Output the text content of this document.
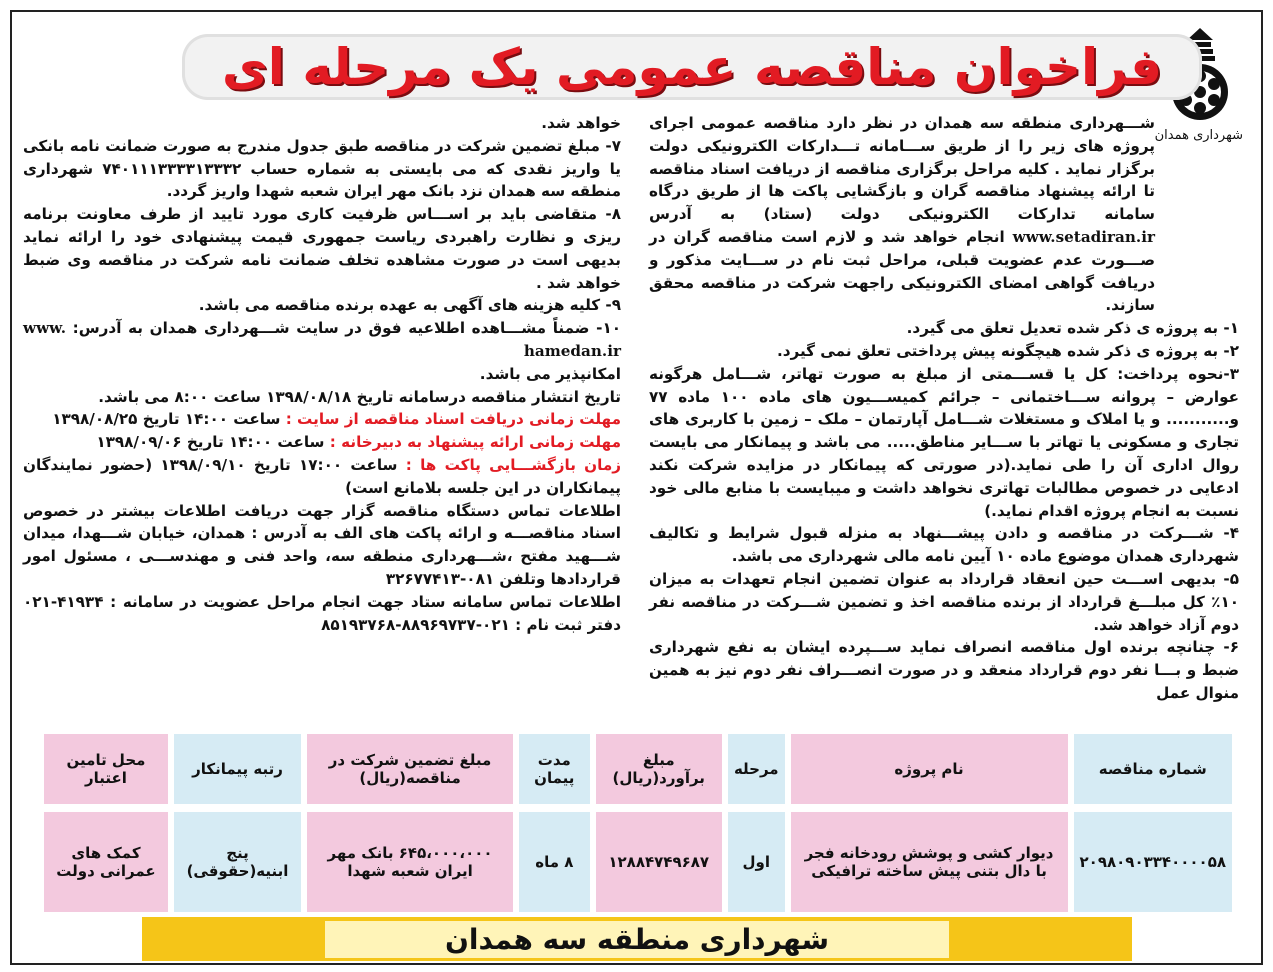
شهرداری همدان
فراخوان مناقصه عمومی یک مرحله ای

شـــهرداری منطقه سه همدان در نظر دارد مناقصه عمومی اجرای پروژه های زیر را از طریق ســـامانه تـــدارکات الکترونیکی دولت برگزار نماید . کلیه مراحل برگزاری مناقصه از دریافت اسناد مناقصه تا ارائه پیشنهاد مناقصه گران و بازگشایی پاکت ها از طریق درگاه سامانه تدارکات الکترونیکی دولت (ستاد) به آدرس www.setadiran.ir انجام خواهد شد و لازم است مناقصه گران در صـــورت عدم عضویت قبلی، مراحل ثبت نام در ســـایت مذکور و دریافت گواهی امضای الکترونیکی راجهت شرکت در مناقصه محقق سازند.

۱- به پروژه ی ذکر شده تعدیل تعلق می گیرد.

۲- به پروژه ی ذکر شده هیچگونه پیش پرداختی تعلق نمی گیرد.

۳-نحوه پرداخت: کل یا قســـمتی از مبلغ به صورت تهاتر، شـــامل هرگونه عوارض – پروانه ســـاختمانی – جرائم کمیســـیون های ماده ۱۰۰ ماده ۷۷ و........... و یا املاک و مستغلات شـــامل آپارتمان – ملک – زمین با کاربری های تجاری و مسکونی یا تهاتر با ســـایر مناطق..... می باشد و پیمانکار می بایست روال اداری آن را طی نماید.(در صورتی که پیمانکار در مزایده شرکت نکند ادعایی در خصوص مطالبات تهاتری نخواهد داشت و میبایست با منابع مالی خود نسبت به انجام پروژه اقدام نماید.)

۴- شـــرکت در مناقصه و دادن پیشـــنهاد به منزله قبول شرایط و تکالیف شهرداری همدان موضوع ماده ۱۰ آیین نامه مالی شهرداری می باشد.

۵- بدیهی اســـت حین انعقاد قرارداد به عنوان تضمین انجام تعهدات به میزان ۱۰٪ کل مبلـــغ قرارداد از برنده مناقصه اخذ و تضمین شـــرکت در مناقصه نفر دوم آزاد خواهد شد.

۶- چنانچه برنده اول مناقصه انصراف نماید ســـپرده ایشان به نفع شهرداری ضبط و بـــا نفر دوم قرارداد منعقد و در صورت انصـــراف نفر دوم نیز به همین منوال عمل

خواهد شد.

۷- مبلغ تضمین شرکت در مناقصه طبق جدول مندرج به صورت ضمانت نامه بانکی یا واریز نقدی که می بایستی به شماره حساب ۷۴۰۱۱۱۳۳۳۳۱۳۳۳۲ شهرداری منطقه سه همدان نزد بانک مهر ایران شعبه شهدا واریز گردد.

۸- متقاضی باید بر اســـاس ظرفیت کاری مورد تایید از طرف معاونت برنامه ریزی و نظارت راهبردی ریاست جمهوری قیمت پیشنهادی خود را ارائه نماید بدیهی است در صورت مشاهده تخلف ضمانت نامه شرکت در مناقصه وی ضبط خواهد شد .

۹- کلیه هزینه های آگهی به عهده برنده مناقصه می باشد.

۱۰- ضمناً مشـــاهده اطلاعیه فوق در سایت شـــهرداری همدان به آدرس: www. hamedan.ir

امکانپذیر می باشد.

تاریخ انتشار مناقصه درسامانه تاریخ ۱۳۹۸/۰۸/۱۸ ساعت ۸:۰۰ می باشد.

مهلت زمانی دریافت اسناد مناقصه از سایت : ساعت ۱۴:۰۰ تاریخ ۱۳۹۸/۰۸/۲۵

مهلت زمانی ارائه پیشنهاد به دبیرخانه : ساعت ۱۴:۰۰ تاریخ ۱۳۹۸/۰۹/۰۶

زمان بازگشـــایی پاکت ها : ساعت ۱۷:۰۰ تاریخ ۱۳۹۸/۰۹/۱۰ (حضور نمایندگان پیمانکاران در این جلسه بلامانع است)

اطلاعات تماس دستگاه مناقصه گزار جهت دریافت اطلاعات بیشتر در خصوص اسناد مناقصـــه و ارائه پاکت های الف به آدرس : همدان، خیابان شـــهدا، میدان شـــهید مفتح ،شـــهرداری منطقه سه، واحد فنی و مهندســـی ، مسئول امور قراردادها وتلفن ۰۸۱-۳۲۶۷۷۴۱۳

اطلاعات تماس سامانه ستاد جهت انجام مراحل عضویت در سامانه : ۴۱۹۳۴-۰۲۱ دفتر ثبت نام : ۰۲۱-۸۸۹۶۹۷۳۷-۸۵۱۹۳۷۶۸

شماره مناقصه	نام پروژه	مرحله	مبلغ برآورد(ریال)	مدت پیمان	مبلغ تضمین شرکت در مناقصه(ریال)	رتبه پیمانکار	محل تامین اعتبار

۲۰۹۸۰۹۰۳۳۴۰۰۰۰۵۸	دیوار کشی و پوشش رودخانه فجر با دال بتنی پیش ساخته ترافیکی	اول	۱۲۸۸۴۷۴۹۶۸۷	۸ ماه	۶۴۵،۰۰۰،۰۰۰ بانک مهر ایران شعبه شهدا	پنج ابنیه(حقوقی)	کمک های عمرانی دولت
شهرداری منطقه سه همدان
